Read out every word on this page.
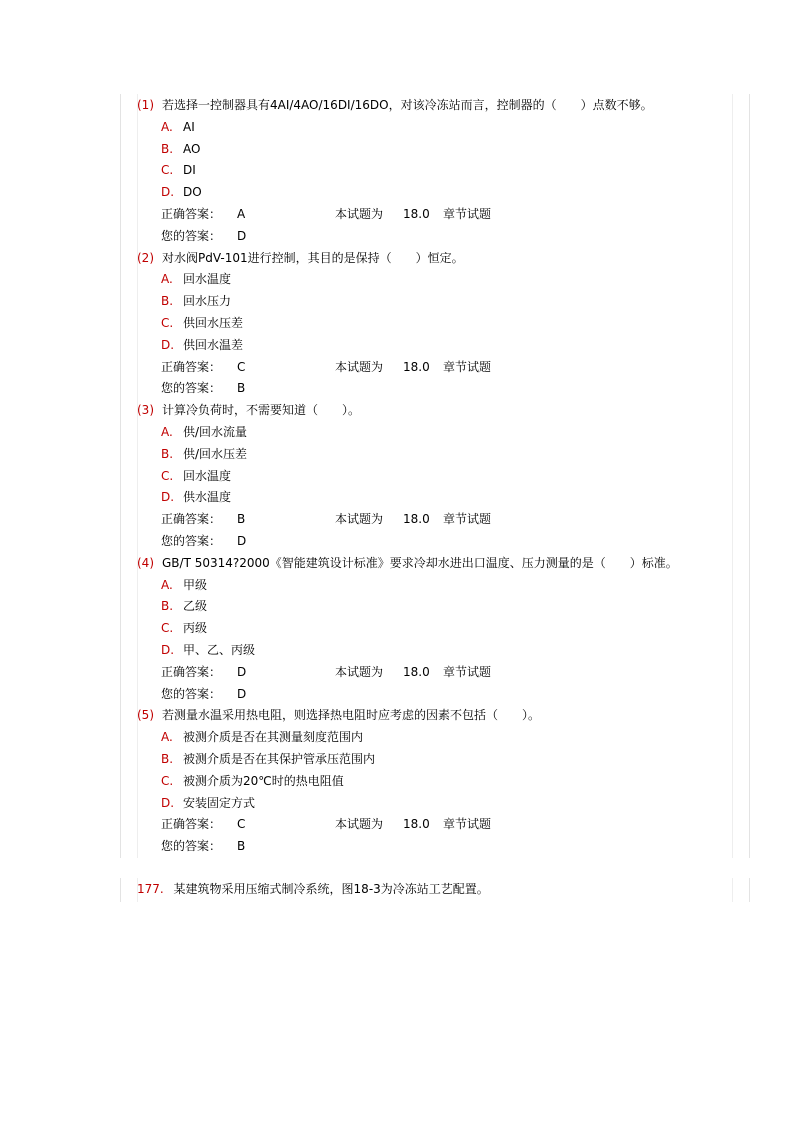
(1) 若选择一控制器具有4AI/4AO/16DI/16DO，对该冷冻站而言，控制器的（　　）点数不够。
A. AI
B. AO
C. DI
D. DO
正确答案： A	本试题为 18.0 章节试题
您的答案： D
(2) 对水阀PdV-101进行控制，其目的是保持（　　）恒定。
A. 回水温度
B. 回水压力
C. 供回水压差
D. 供回水温差
正确答案： C	本试题为 18.0 章节试题
您的答案： B
(3) 计算冷负荷时，不需要知道（　　）。
A. 供/回水流量
B. 供/回水压差
C. 回水温度
D. 供水温度
正确答案： B	本试题为 18.0 章节试题
您的答案： D
(4) GB/T 50314?2000《智能建筑设计标准》要求冷却水进出口温度、压力测量的是（　　）标准。
A. 甲级
B. 乙级
C. 丙级
D. 甲、乙、丙级
正确答案： D	本试题为 18.0 章节试题
您的答案： D
(5) 若测量水温采用热电阻，则选择热电阻时应考虑的因素不包括（　　）。
A. 被测介质是否在其测量刻度范围内
B. 被测介质是否在其保护管承压范围内
C. 被测介质为20℃时的热电阻值
D. 安装固定方式
正确答案： C	本试题为 18.0 章节试题
您的答案： B
177. 某建筑物采用压缩式制冷系统，图18-3为冷冻站工艺配置。
